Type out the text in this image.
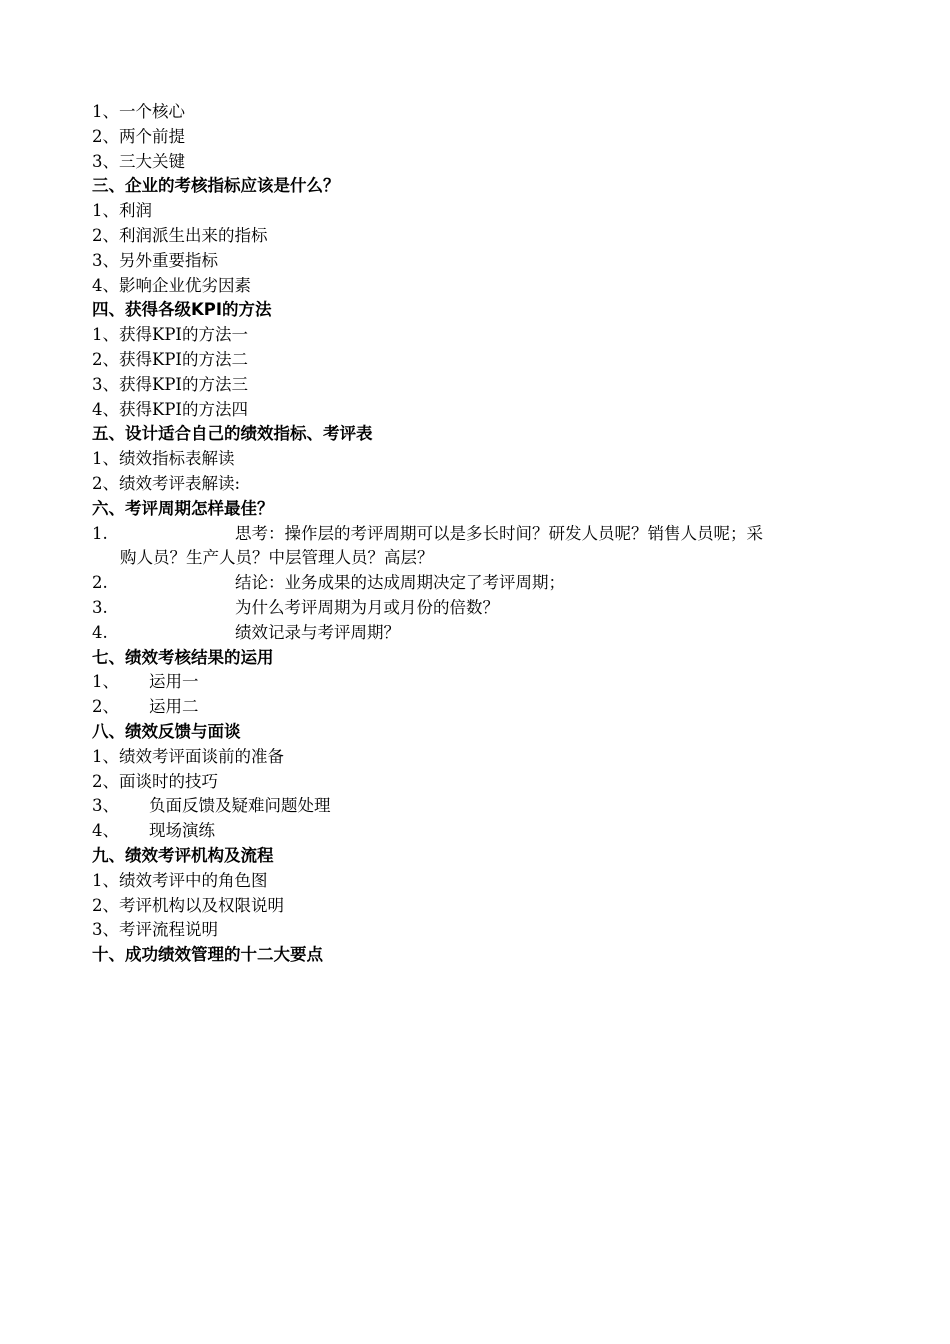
1、一个核心
2、两个前提
3、三大关键
三、企业的考核指标应该是什么？
1、利润
2、利润派生出来的指标
3、另外重要指标
4、影响企业优劣因素
四、获得各级KPI的方法
1、获得KPI的方法一
2、获得KPI的方法二
3、获得KPI的方法三
4、获得KPI的方法四
五、设计适合自己的绩效指标、考评表
1、绩效指标表解读
2、绩效考评表解读:
六、考评周期怎样最佳？
1.	思考：操作层的考评周期可以是多长时间？研发人员呢？销售人员呢；采
购人员？生产人员？中层管理人员？高层？
2.	结论：业务成果的达成周期决定了考评周期；
3.	为什么考评周期为月或月份的倍数？
4.	绩效记录与考评周期？
七、绩效考核结果的运用
1、	运用一
2、	运用二
八、绩效反馈与面谈
1、绩效考评面谈前的准备
2、面谈时的技巧
3、	负面反馈及疑难问题处理
4、	现场演练
九、绩效考评机构及流程
1、绩效考评中的角色图
2、考评机构以及权限说明
3、考评流程说明
十、成功绩效管理的十二大要点
